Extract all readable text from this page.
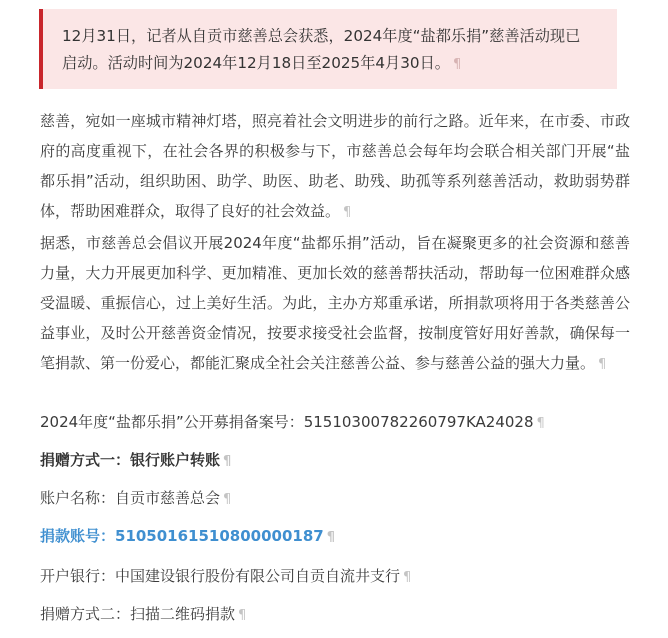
12月31日，记者从自贡市慈善总会获悉，2024年度“盐都乐捐”慈善活动现已启动。活动时间为2024年12月18日至2025年4月30日。 ¶

慈善，宛如一座城市精神灯塔，照亮着社会文明进步的前行之路。近年来，在市委、市政府的高度重视下，在社会各界的积极参与下，市慈善总会每年均会联合相关部门开展“盐都乐捐”活动，组织助困、助学、助医、助老、助残、助孤等系列慈善活动，救助弱势群体，帮助困难群众，取得了良好的社会效益。 ¶

据悉，市慈善总会倡议开展2024年度“盐都乐捐”活动，旨在凝聚更多的社会资源和慈善力量，大力开展更加科学、更加精准、更加长效的慈善帮扶活动，帮助每一位困难群众感受温暖、重振信心，过上美好生活。为此，主办方郑重承诺，所捐款项将用于各类慈善公益事业，及时公开慈善资金情况，按要求接受社会监督，按制度管好用好善款，确保每一笔捐款、第一份爱心，都能汇聚成全社会关注慈善公益、参与慈善公益的强大力量。 ¶

2024年度“盐都乐捐”公开募捐备案号：51510300782260797KA24028 ¶
捐赠方式一：银行账户转账 ¶
账户名称：自贡市慈善总会 ¶
捐款账号：51050161510800000187 ¶
开户银行：中国建设银行股份有限公司自贡自流井支行 ¶
捐赠方式二：扫描二维码捐款 ¶
